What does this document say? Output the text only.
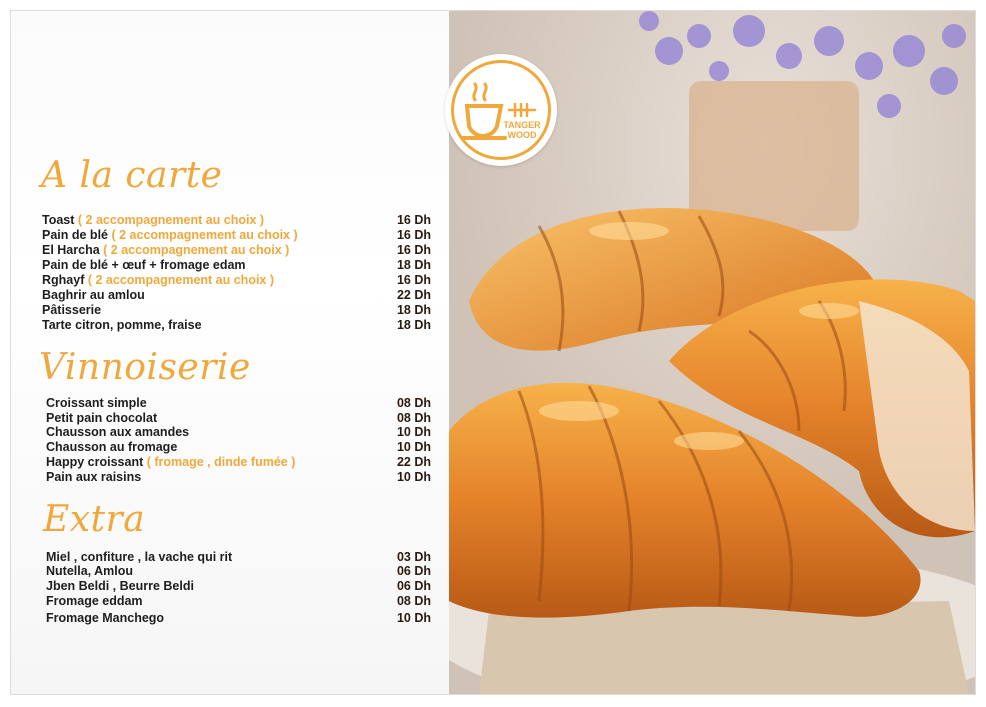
A la carte
Toast ( 2 accompagnement au choix )	16 Dh
Pain de blé ( 2 accompagnement au choix )	16 Dh
El Harcha ( 2 accompagnement au choix )	16 Dh
Pain de blé + œuf + fromage edam	18 Dh
Rghayf ( 2 accompagnement au choix )	16 Dh
Baghrir au amlou	22 Dh
Pâtisserie	18 Dh
Tarte citron, pomme, fraise	18 Dh
Vinnoiserie
Croissant simple	08 Dh
Petit pain chocolat	08 Dh
Chausson aux amandes	10 Dh
Chausson au fromage	10 Dh
Happy croissant ( fromage , dinde fumée )	22 Dh
Pain aux raisins	10 Dh
Extra
Miel , confiture , la vache qui rit	03 Dh
Nutella, Amlou	06 Dh
Jben Beldi , Beurre Beldi	06 Dh
Fromage eddam	08 Dh
Fromage Manchego	10 Dh
TANGER
WOOD
